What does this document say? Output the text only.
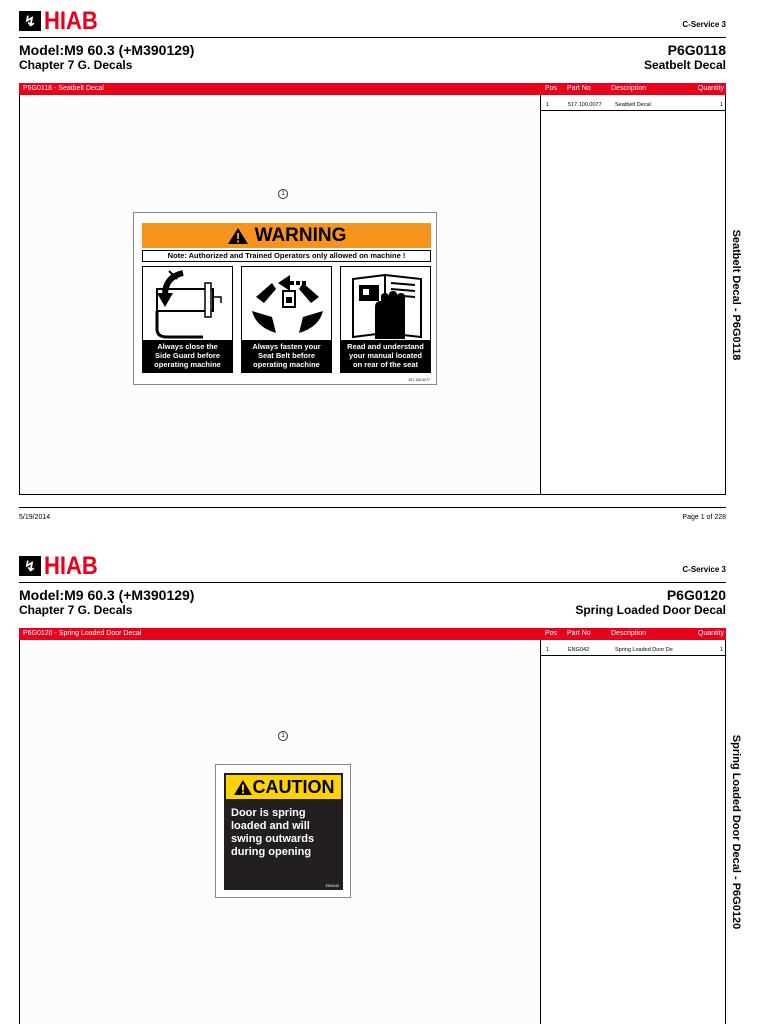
↯ HIAB	C-Service 3
Model:M9 60.3 (+M390129)
Chapter 7 G. Decals
P6G0118
Seatbelt Decal
P6G0118 - Seatbelt Decal	Pos Part No	Description	Quantity
1
WARNING
Note: Authorized and Trained Operators only allowed on machine !
Always close the
Side Guard before
operating machine
Always fasten your
Seat Belt before
operating machine
Read and understand
your manual located
on rear of the seat
517.100.0077
1	517.100.0077 Seatbelt Decal	1
Seatbelt Decal - P6G0118
5/19/2014	Page 1 of 228
↯ HIAB	C-Service 3
Model:M9 60.3 (+M390129)
Chapter 7 G. Decals
P6G0120
Spring Loaded Door Decal
P6G0120 - Spring Loaded Door Decal	Pos Part No	Description	Quantity
1
CAUTION
Door is spring
loaded and will
swing outwards
during opening
ENG042
1	ENG042	Spring Loaded Door De	1
Spring Loaded Door Decal - P6G0120
